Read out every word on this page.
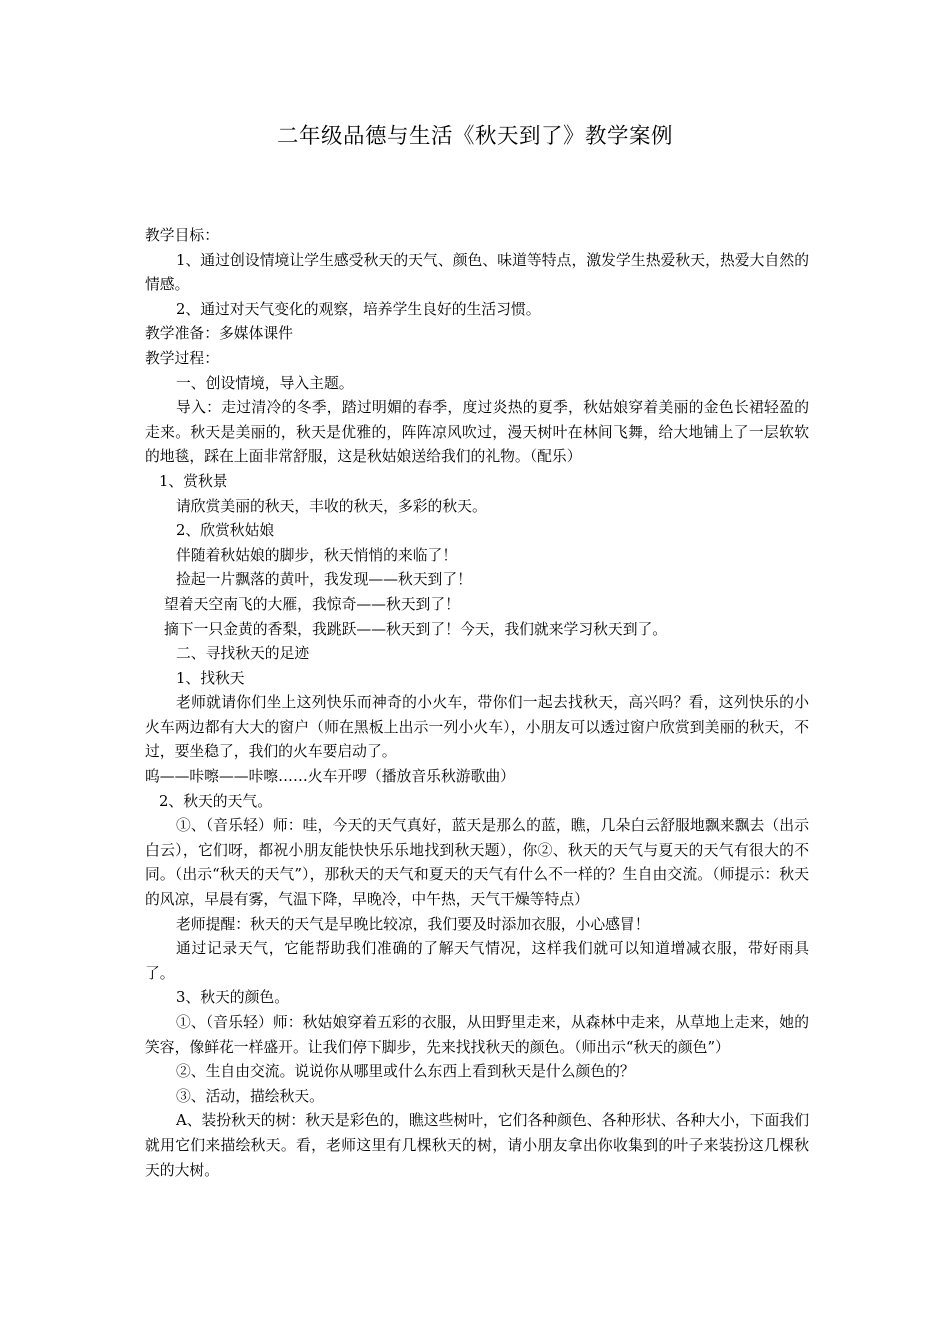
二年级品德与生活《秋天到了》教学案例

教学目标：

1、通过创设情境让学生感受秋天的天气、颜色、味道等特点，激发学生热爱秋天，热爱大自然的情感。

2、通过对天气变化的观察，培养学生良好的生活习惯。

教学准备：多媒体课件

教学过程：

一、创设情境，导入主题。

导入：走过清冷的冬季，踏过明媚的春季，度过炎热的夏季，秋姑娘穿着美丽的金色长裙轻盈的走来。秋天是美丽的，秋天是优雅的，阵阵凉风吹过，漫天树叶在林间飞舞，给大地铺上了一层软软的地毯，踩在上面非常舒服，这是秋姑娘送给我们的礼物。（配乐）

1、赏秋景

请欣赏美丽的秋天，丰收的秋天，多彩的秋天。

2、欣赏秋姑娘

伴随着秋姑娘的脚步，秋天悄悄的来临了！

捡起一片飘落的黄叶，我发现——秋天到了！

望着天空南飞的大雁，我惊奇——秋天到了！

摘下一只金黄的香梨，我跳跃——秋天到了！今天，我们就来学习秋天到了。

二、寻找秋天的足迹

1、找秋天

老师就请你们坐上这列快乐而神奇的小火车，带你们一起去找秋天，高兴吗？看，这列快乐的小火车两边都有大大的窗户（师在黑板上出示一列小火车），小朋友可以透过窗户欣赏到美丽的秋天，不过，要坐稳了，我们的火车要启动了。

呜——咔嚓——咔嚓……火车开啰（播放音乐秋游歌曲）

2、秋天的天气。

①、（音乐轻）师：哇，今天的天气真好，蓝天是那么的蓝，瞧，几朵白云舒服地飘来飘去（出示白云），它们呀，都祝小朋友能快快乐乐地找到秋天题），你②、秋天的天气与夏天的天气有很大的不同。（出示“秋天的天气”），那秋天的天气和夏天的天气有什么不一样的？生自由交流。（师提示：秋天的风凉，早晨有雾，气温下降，早晚冷，中午热，天气干燥等特点）

老师提醒：秋天的天气是早晚比较凉，我们要及时添加衣服，小心感冒！

通过记录天气，它能帮助我们准确的了解天气情况，这样我们就可以知道增减衣服，带好雨具了。

3、秋天的颜色。

①、（音乐轻）师：秋姑娘穿着五彩的衣服，从田野里走来，从森林中走来，从草地上走来，她的笑容，像鲜花一样盛开。让我们停下脚步，先来找找秋天的颜色。（师出示“秋天的颜色”）

②、生自由交流。说说你从哪里或什么东西上看到秋天是什么颜色的？

③、活动，描绘秋天。

A、装扮秋天的树：秋天是彩色的，瞧这些树叶，它们各种颜色、各种形状、各种大小，下面我们就用它们来描绘秋天。看，老师这里有几棵秋天的树，请小朋友拿出你收集到的叶子来装扮这几棵秋天的大树。
